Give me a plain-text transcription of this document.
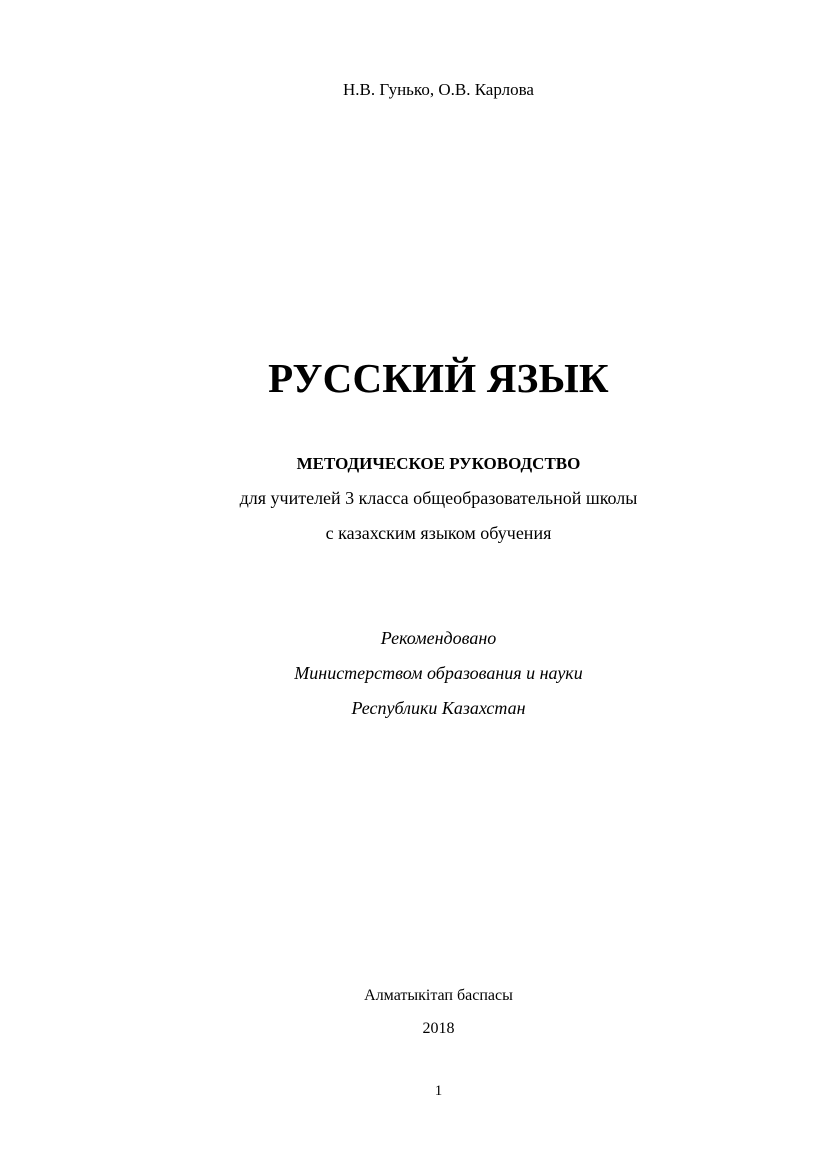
Н.В. Гунько, О.В. Карлова
РУССКИЙ ЯЗЫК
МЕТОДИЧЕСКОЕ РУКОВОДСТВО
для учителей 3 класса общеобразовательной школы
с казахским языком обучения
Рекомендовано
Министерством образования и науки
Республики Казахстан
Алматыкітап баспасы
2018
1
